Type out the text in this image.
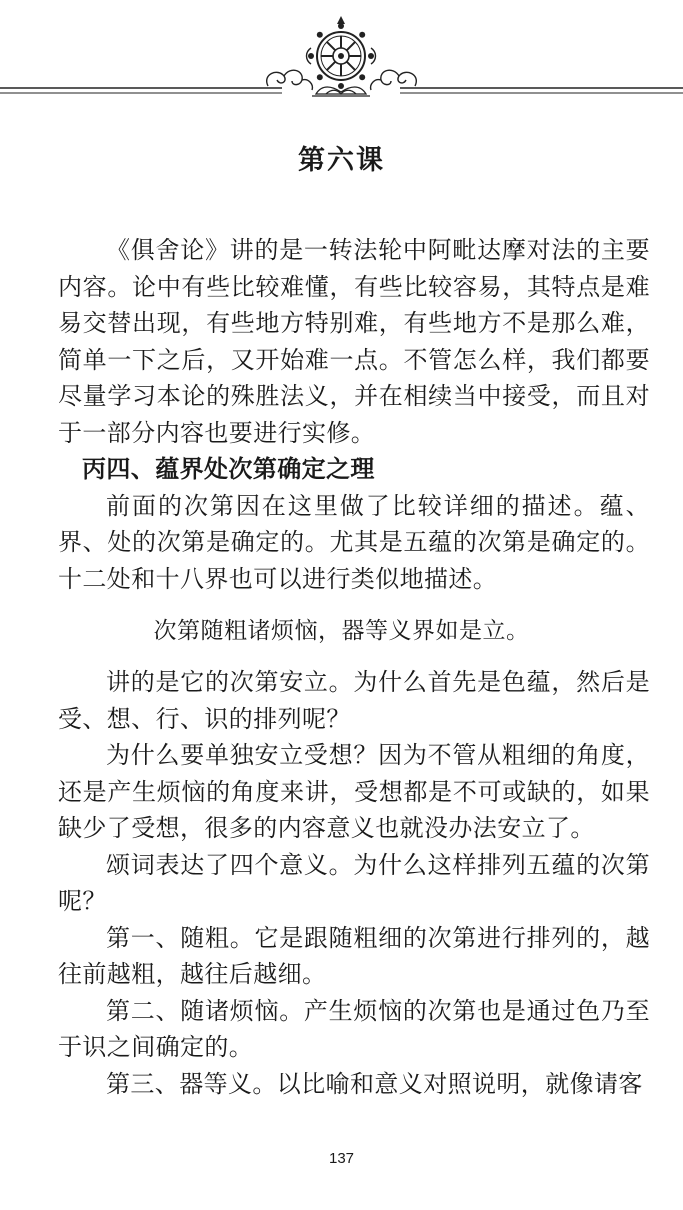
第六课

《俱舍论》讲的是一转法轮中阿毗达摩对法的主要内容。论中有些比较难懂，有些比较容易，其特点是难易交替出现，有些地方特别难，有些地方不是那么难，简单一下之后，又开始难一点。不管怎么样，我们都要尽量学习本论的殊胜法义，并在相续当中接受，而且对于一部分内容也要进行实修。

丙四、蕴界处次第确定之理

前面的次第因在这里做了比较详细的描述。蕴、界、处的次第是确定的。尤其是五蕴的次第是确定的。十二处和十八界也可以进行类似地描述。

次第随粗诸烦恼，器等义界如是立。

讲的是它的次第安立。为什么首先是色蕴，然后是受、想、行、识的排列呢？

为什么要单独安立受想？因为不管从粗细的角度，还是产生烦恼的角度来讲，受想都是不可或缺的，如果缺少了受想，很多的内容意义也就没办法安立了。

颂词表达了四个意义。为什么这样排列五蕴的次第呢？

第一、随粗。它是跟随粗细的次第进行排列的，越往前越粗，越往后越细。

第二、随诸烦恼。产生烦恼的次第也是通过色乃至于识之间确定的。

第三、器等义。以比喻和意义对照说明，就像请客

137
